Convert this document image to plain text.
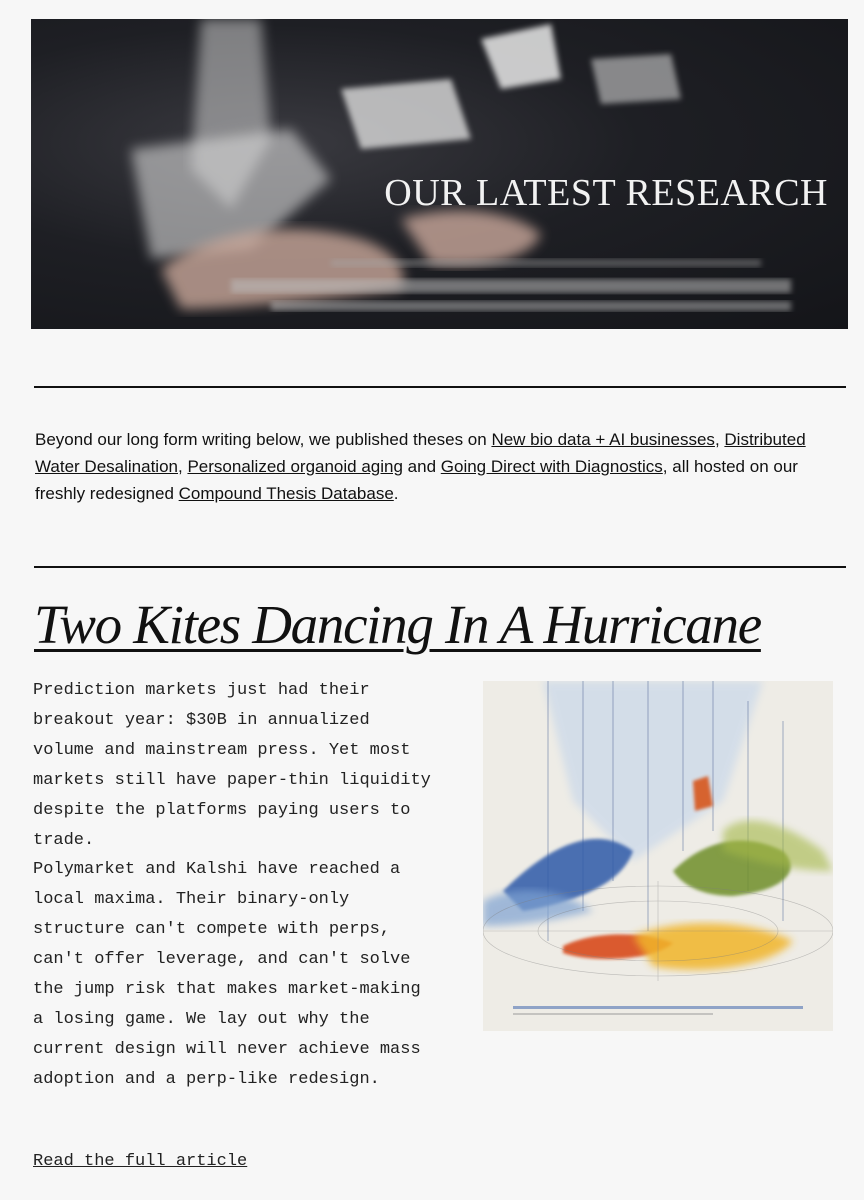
OUR LATEST RESEARCH
Beyond our long form writing below, we published theses on New bio data + AI businesses, Distributed Water Desalination, Personalized organoid aging and Going Direct with Diagnostics, all hosted on our freshly redesigned Compound Thesis Database.
Two Kites Dancing In A Hurricane
Prediction markets just had their breakout year: $30B in annualized volume and mainstream press. Yet most markets still have paper-thin liquidity despite the platforms paying users to trade.
Polymarket and Kalshi have reached a local maxima. Their binary-only structure can't compete with perps, can't offer leverage, and can't solve the jump risk that makes market-making a losing game. We lay out why the current design will never achieve mass adoption and a perp-like redesign.
Read the full article
